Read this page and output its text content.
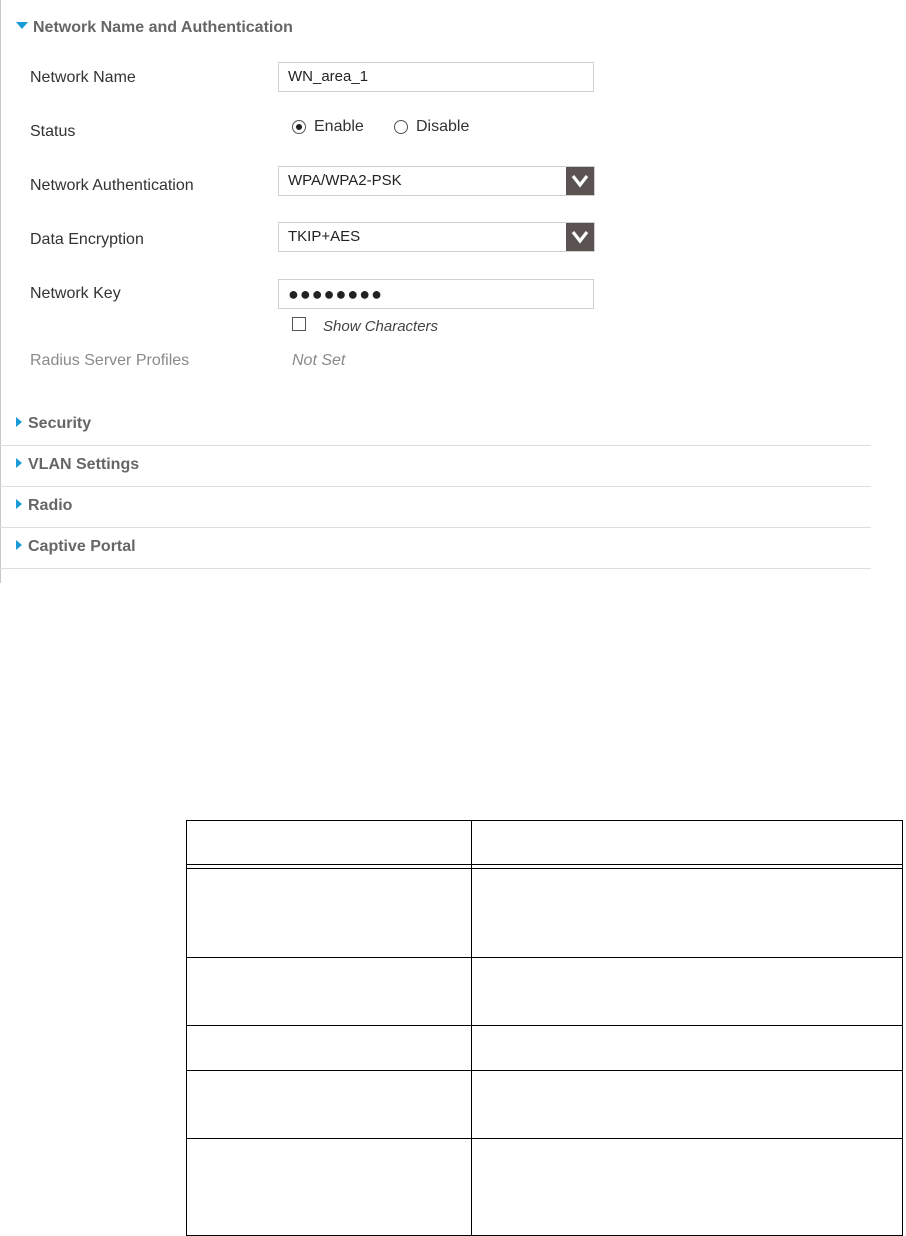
Network Name and Authentication
Network Name	WN_area_1
Status	Enable	Disable
Network Authentication	WPA/WPA2-PSK
Data Encryption	TKIP+AES
Network Key	●●●●●●●●
Show Characters
Radius Server Profiles	Not Set
Security
VLAN Settings
Radio
Captive Portal
